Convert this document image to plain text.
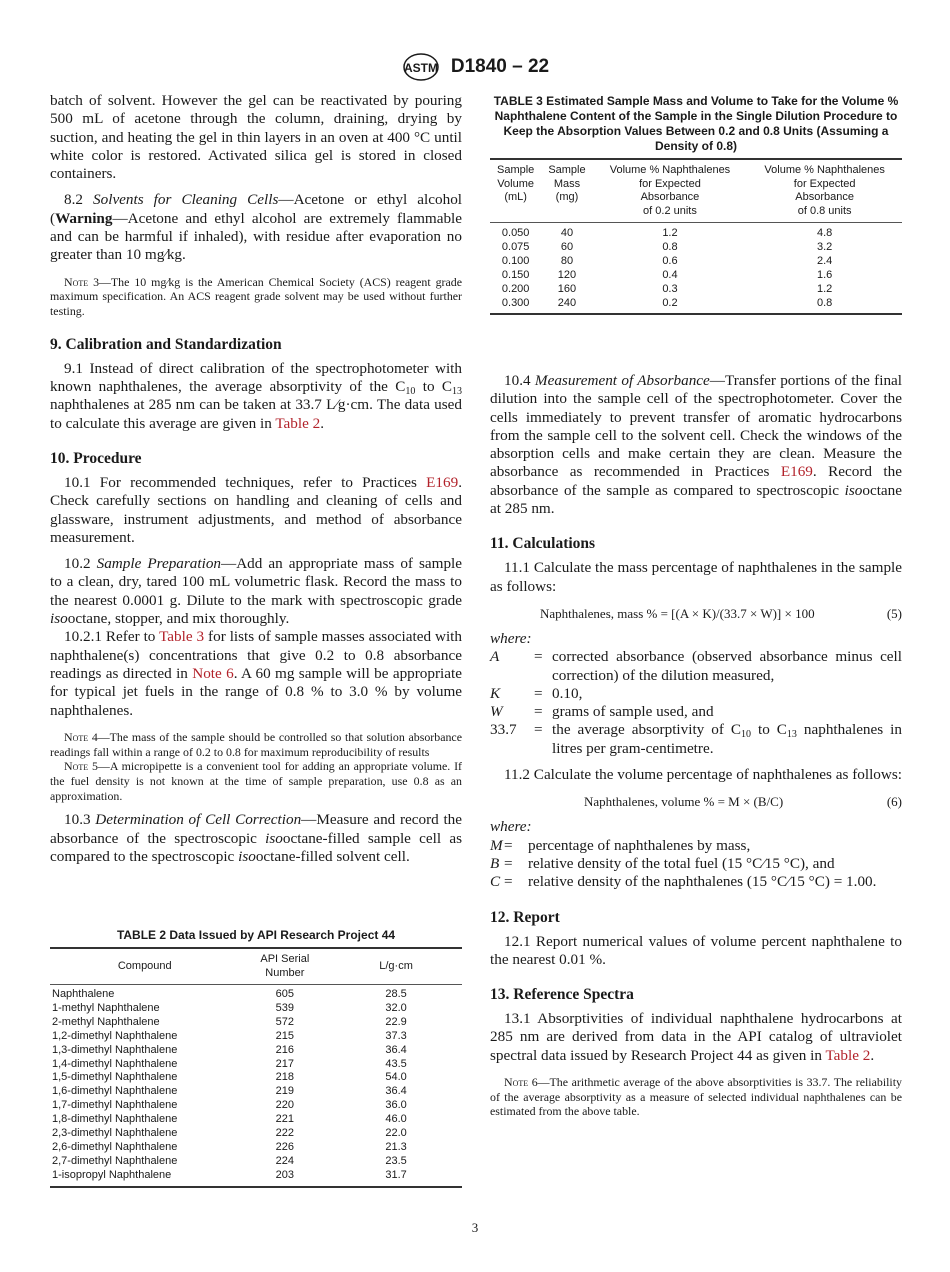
ASTM D1840 – 22

batch of solvent. However the gel can be reactivated by pouring 500 mL of acetone through the column, draining, drying by suction, and heating the gel in thin layers in an oven at 400 °C until white color is restored. Activated silica gel is stored in closed containers.

8.2 Solvents for Cleaning Cells—Acetone or ethyl alcohol (Warning—Acetone and ethyl alcohol are extremely flammable and can be harmful if inhaled), with residue after evaporation no greater than 10 mg⁄kg.

Note 3—The 10 mg⁄kg is the American Chemical Society (ACS) reagent grade maximum specification. An ACS reagent grade solvent may be used without further testing.

9. Calibration and Standardization

9.1 Instead of direct calibration of the spectrophotometer with known naphthalenes, the average absorptivity of the $C_{10}$ to $C_{13}$ naphthalenes at 285 nm can be taken at 33.7 L⁄g·cm. The data used to calculate this average are given in Table 2.

10. Procedure

10.1 For recommended techniques, refer to Practices E169. Check carefully sections on handling and cleaning of cells and glassware, instrument adjustments, and method of absorbance measurement.

10.2 Sample Preparation—Add an appropriate mass of sample to a clean, dry, tared 100 mL volumetric flask. Record the mass to the nearest 0.0001 g. Dilute to the mark with spectroscopic grade isooctane, stopper, and mix thoroughly.

10.2.1 Refer to Table 3 for lists of sample masses associated with naphthalene(s) concentrations that give 0.2 to 0.8 absorbance readings as directed in Note 6. A 60 mg sample will be appropriate for typical jet fuels in the range of 0.8 % to 3.0 % by volume naphthalenes.

Note 4—The mass of the sample should be controlled so that solution absorbance readings fall within a range of 0.2 to 0.8 for maximum reproducibility of results

Note 5—A micropipette is a convenient tool for adding an appropriate volume. If the fuel density is not known at the time of sample preparation, use 0.8 as an approximation.

10.3 Determination of Cell Correction—Measure and record the absorbance of the spectroscopic isooctane-filled sample cell as compared to the spectroscopic isooctane-filled solvent cell.

TABLE 2 Data Issued by API Research Project 44
Compound	API Serial Number	L/g·cm
Naphthalene	605	28.5
1-methyl Naphthalene	539	32.0
2-methyl Naphthalene	572	22.9
1,2-dimethyl Naphthalene	215	37.3
1,3-dimethyl Naphthalene	216	36.4
1,4-dimethyl Naphthalene	217	43.5
1,5-dimethyl Naphthalene	218	54.0
1,6-dimethyl Naphthalene	219	36.4
1,7-dimethyl Naphthalene	220	36.0
1,8-dimethyl Naphthalene	221	46.0
2,3-dimethyl Naphthalene	222	22.0
2,6-dimethyl Naphthalene	226	21.3
2,7-dimethyl Naphthalene	224	23.5
1-isopropyl Naphthalene	203	31.7
TABLE 3 Estimated Sample Mass and Volume to Take for the Volume % Naphthalene Content of the Sample in the Single Dilution Procedure to Keep the Absorption Values Between 0.2 and 0.8 Units (Assuming a Density of 0.8)
Sample
Volume
(mL)	Sample
Mass
(mg)	Volume % Naphthalenes
for Expected
Absorbance
of 0.2 units	Volume % Naphthalenes
for Expected
Absorbance
of 0.8 units
0.050	40	1.2	4.8
0.075	60	0.8	3.2
0.100	80	0.6	2.4
0.150	120	0.4	1.6
0.200	160	0.3	1.2
0.300	240	0.2	0.8

10.4 Measurement of Absorbance—Transfer portions of the final dilution into the sample cell of the spectrophotometer. Cover the cells immediately to prevent transfer of aromatic hydrocarbons from the sample cell to the solvent cell. Check the windows of the absorption cells and make certain they are clean. Measure the absorbance as recommended in Practices E169. Record the absorbance of the sample as compared to spectroscopic isooctane at 285 nm.

11. Calculations

11.1 Calculate the mass percentage of naphthalenes in the sample as follows:

Naphthalenes, mass % = [(A × K)/(33.7 × W)] × 100	(5)
where:
A	= corrected absorbance (observed absorbance minus cell correction) of the dilution measured,
K	= 0.10,
W	= grams of sample used, and
33.7	= the average absorptivity of $C_{10}$ to $C_{13}$ naphthalenes in litres per gram-centimetre.

11.2 Calculate the volume percentage of naphthalenes as follows:

Naphthalenes, volume % = M × (B/C)	(6)
where:
M =	percentage of naphthalenes by mass,
B =	relative density of the total fuel (15 °C⁄15 °C), and
C =	relative density of the naphthalenes (15 °C⁄15 °C) = 1.00.
12. Report

12.1 Report numerical values of volume percent naphthalene to the nearest 0.01 %.

13. Reference Spectra

13.1 Absorptivities of individual naphthalene hydrocarbons at 285 nm are derived from data in the API catalog of ultraviolet spectral data issued by Research Project 44 as given in Table 2.

Note 6—The arithmetic average of the above absorptivities is 33.7. The reliability of the average absorptivity as a measure of selected individual naphthalenes can be estimated from the above table.

3
